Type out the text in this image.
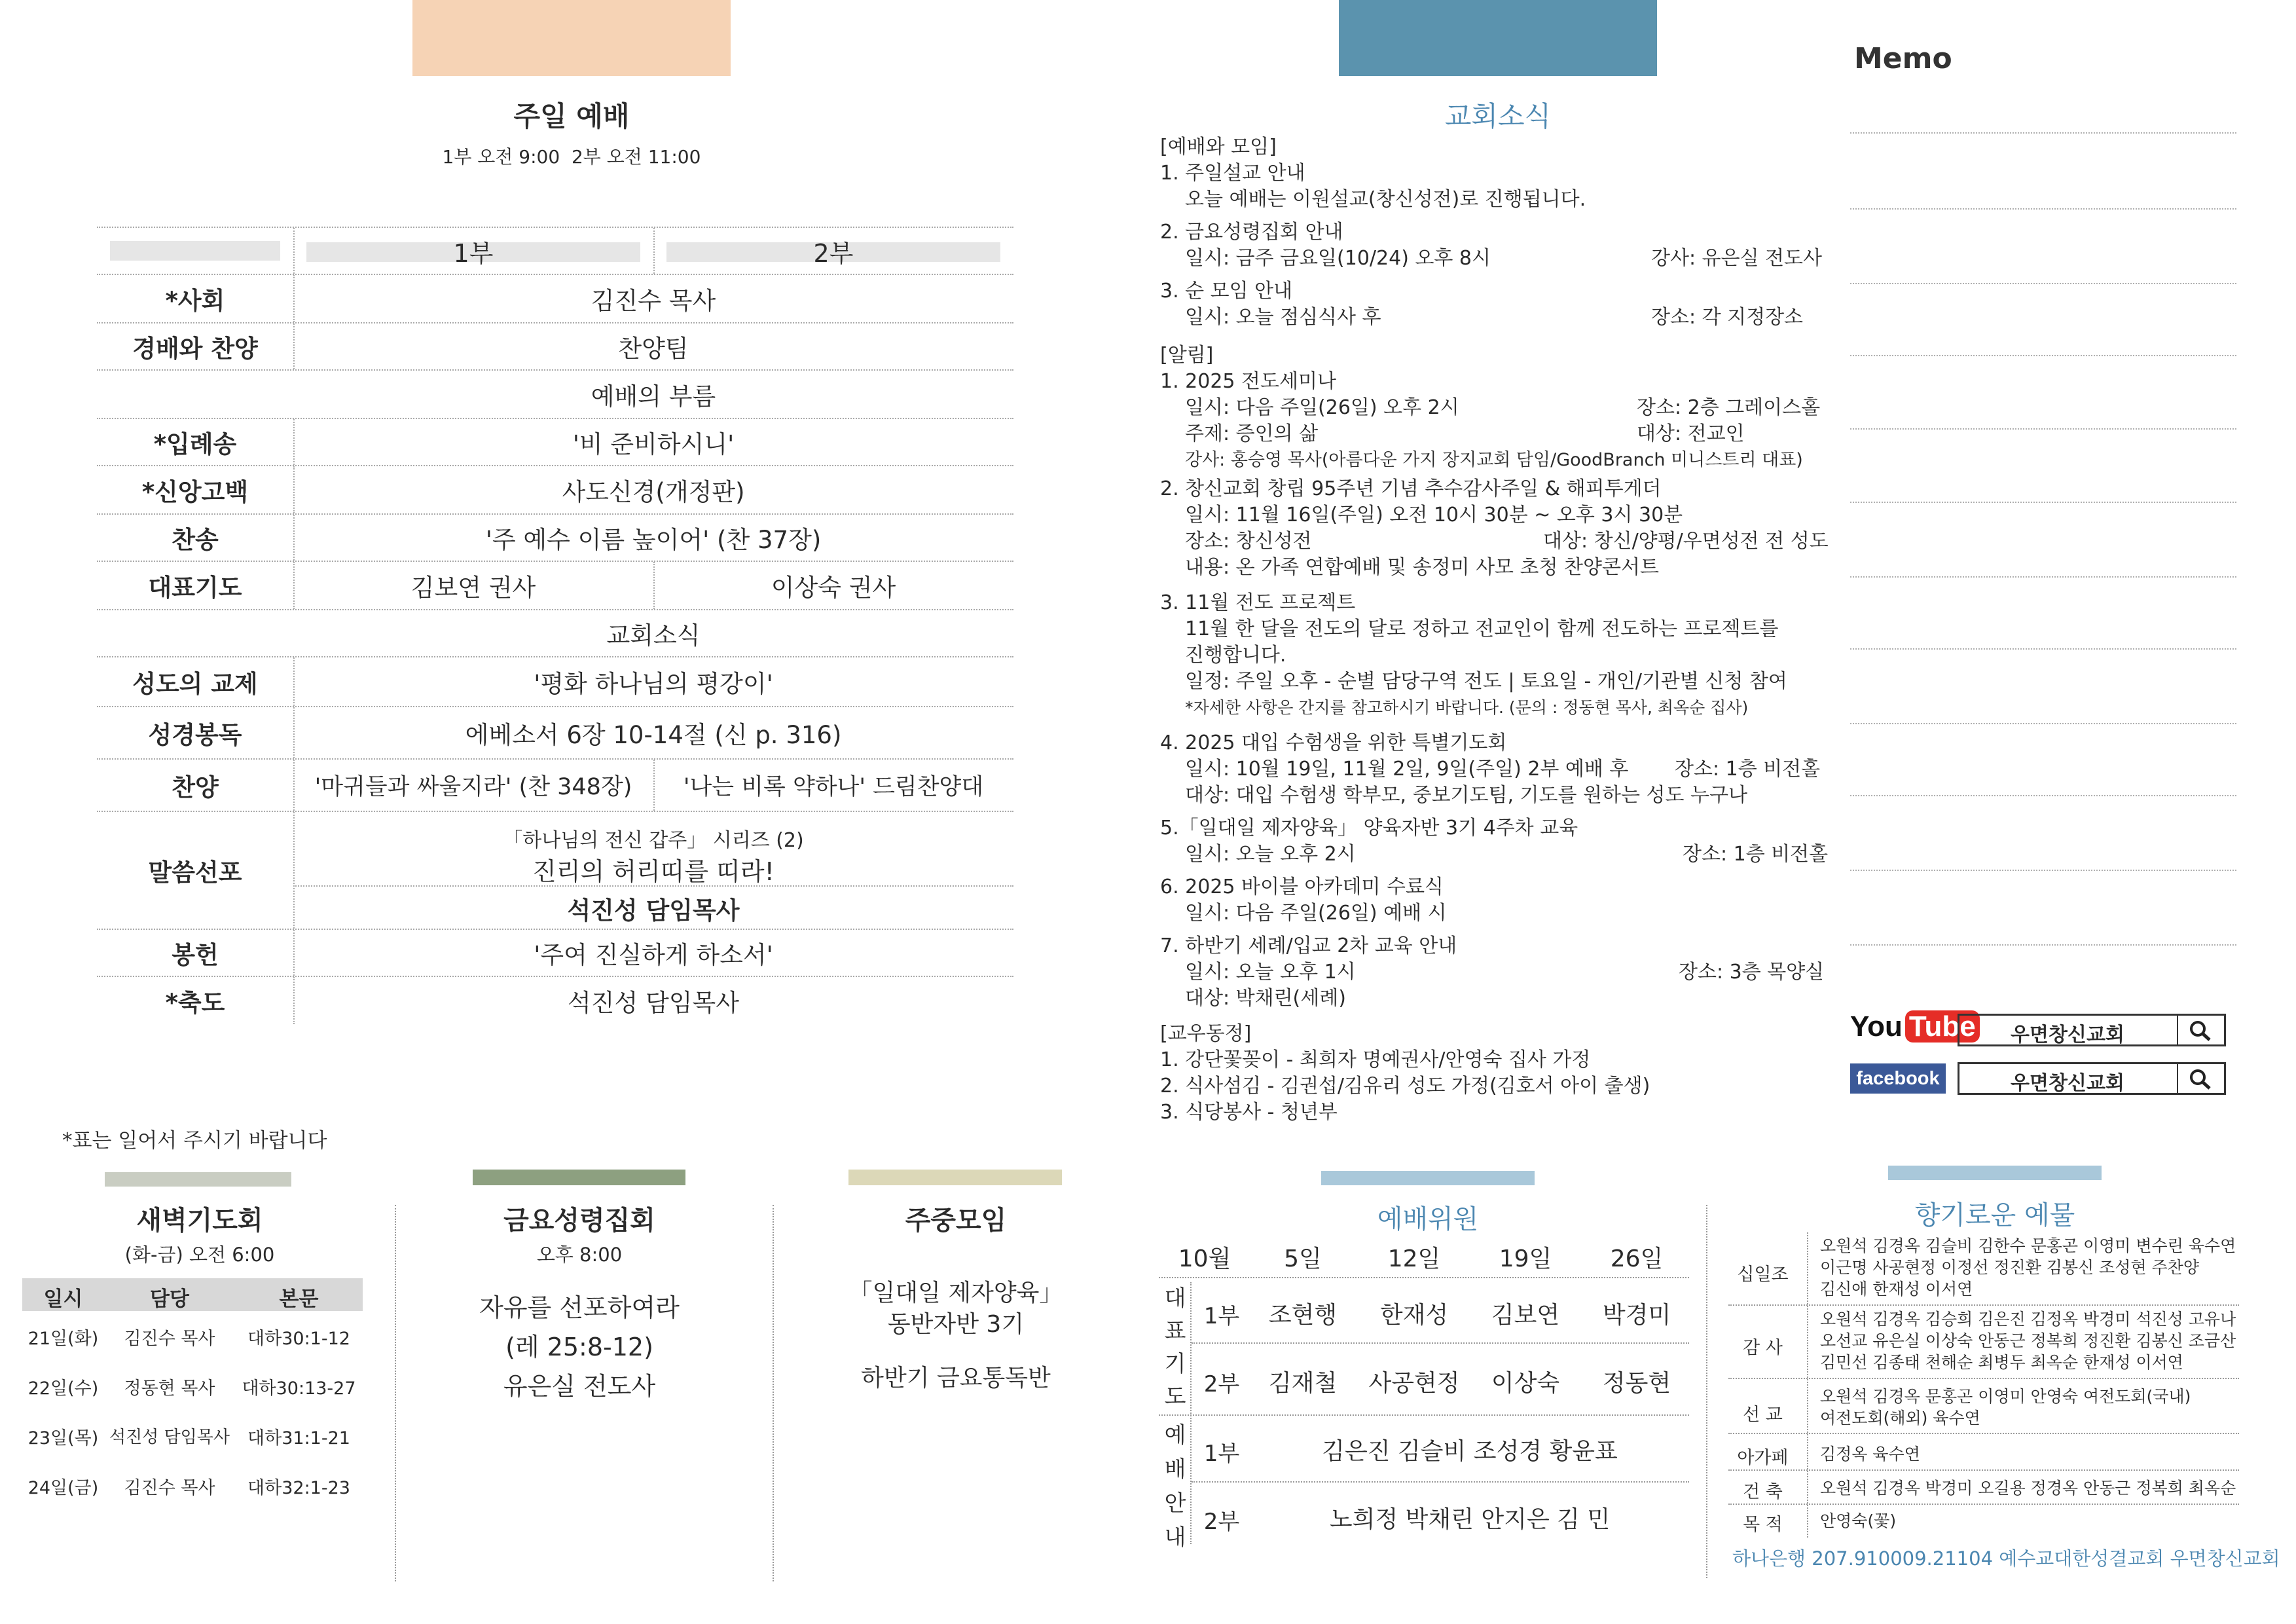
주일 예배
1부 오전 9:00  2부 오전 11:00
1부	2부
*사회	김진수 목사
경배와 찬양	찬양팀
예배의 부름
*입례송	'비 준비하시니'
*신앙고백	사도신경(개정판)
찬송	'주 예수 이름 높이어' (찬 37장)
대표기도	김보연 권사	이상숙 권사
교회소식
성도의 교제	'평화 하나님의 평강이'
성경봉독	에베소서 6장 10-14절 (신 p. 316)
찬양	'마귀들과 싸울지라' (찬 348장)	'나는 비록 약하나' 드림찬양대
말씀선포
「하나님의 전신 갑주」 시리즈 (2)
진리의 허리띠를 띠라!
석진성 담임목사
봉헌	'주여 진실하게 하소서'
*축도	석진성 담임목사
*표는 일어서 주시기 바랍니다
새벽기도회
(화-금) 오전 6:00
일시	담당	본문
21일(화)	김진수 목사	대하30:1-12
22일(수)	정동현 목사	대하30:13-27
23일(목) 석진성 담임목사	대하31:1-21
24일(금)	김진수 목사	대하32:1-23
금요성령집회
오후 8:00
자유를 선포하여라
(레 25:8-12)
유은실 전도사
주중모임
「일대일 제자양육」
동반자반 3기
하반기 금요통독반
교회소식
[예배와 모임]
1. 주일설교 안내
오늘 예배는 이원설교(창신성전)로 진행됩니다.
2. 금요성령집회 안내
일시: 금주 금요일(10/24) 오후 8시	강사: 유은실 전도사
3. 순 모임 안내
일시: 오늘 점심식사 후	장소: 각 지정장소
[알림]
1. 2025 전도세미나
일시: 다음 주일(26일) 오후 2시	장소: 2층 그레이스홀
주제: 증인의 삶	대상: 전교인
강사: 홍승영 목사(아름다운 가지 장지교회 담임/GoodBranch 미니스트리 대표)
2. 창신교회 창립 95주년 기념 추수감사주일 & 해피투게더
일시: 11월 16일(주일) 오전 10시 30분 ~ 오후 3시 30분
장소: 창신성전	대상: 창신/양평/우면성전 전 성도
내용: 온 가족 연합예배 및 송정미 사모 초청 찬양콘서트
3. 11월 전도 프로젝트
11월 한 달을 전도의 달로 정하고 전교인이 함께 전도하는 프로젝트를
진행합니다.
일정: 주일 오후 - 순별 담당구역 전도 | 토요일 - 개인/기관별 신청 참여
*자세한 사항은 간지를 참고하시기 바랍니다. (문의 : 정동현 목사, 최옥순 집사)
4. 2025 대입 수험생을 위한 특별기도회
일시: 10월 19일, 11월 2일, 9일(주일) 2부 예배 후 장소: 1층 비전홀
대상: 대입 수험생 학부모, 중보기도팀, 기도를 원하는 성도 누구나
5.「일대일 제자양육」 양육자반 3기 4주차 교육
일시: 오늘 오후 2시	장소: 1층 비전홀
6. 2025 바이블 아카데미 수료식
일시: 다음 주일(26일) 예배 시
7. 하반기 세례/입교 2차 교육 안내
일시: 오늘 오후 1시	장소: 3층 목양실
대상: 박채린(세례)
[교우동정]
1. 강단꽃꽂이 - 최희자 명예권사/안영숙 집사 가정
2. 식사섬김 - 김권섭/김유리 성도 가정(김호서 아이 출생)
3. 식당봉사 - 청년부
Memo
You Tube	우면창신교회
facebook	우면창신교회
예배위원
10월	5일	12일	19일	26일
대
표
기
도
1부	조현행	한재성	김보연	박경미
2부	김재철	사공현정	이상숙	정동현
예
배
안
내
1부	김은진 김슬비 조성경 황윤표
2부	노희정 박채린 안지은 김 민
향기로운 예물
십일조
오원석 김경옥 김슬비 김한수 문홍곤 이영미 변수린 육수연
이근명 사공현정 이정선 정진환 김봉신 조성현 주찬양
김신애 한재성 이서연
감 사
오원석 김경옥 김승희 김은진 김정옥 박경미 석진성 고유나
오선교 유은실 이상숙 안동근 정복희 정진환 김봉신 조금산
김민선 김종태 천해순 최병두 최옥순 한재성 이서연
선 교
오원석 김경옥 문홍곤 이영미 안영숙 여전도회(국내)
여전도회(해외) 육수연
아가페	김정옥 육수연
건 축	오원석 김경옥 박경미 오길용 정경옥 안동근 정복희 최옥순
목 적	안영숙(꽃)
하나은행 207.910009.21104 예수교대한성결교회 우면창신교회
